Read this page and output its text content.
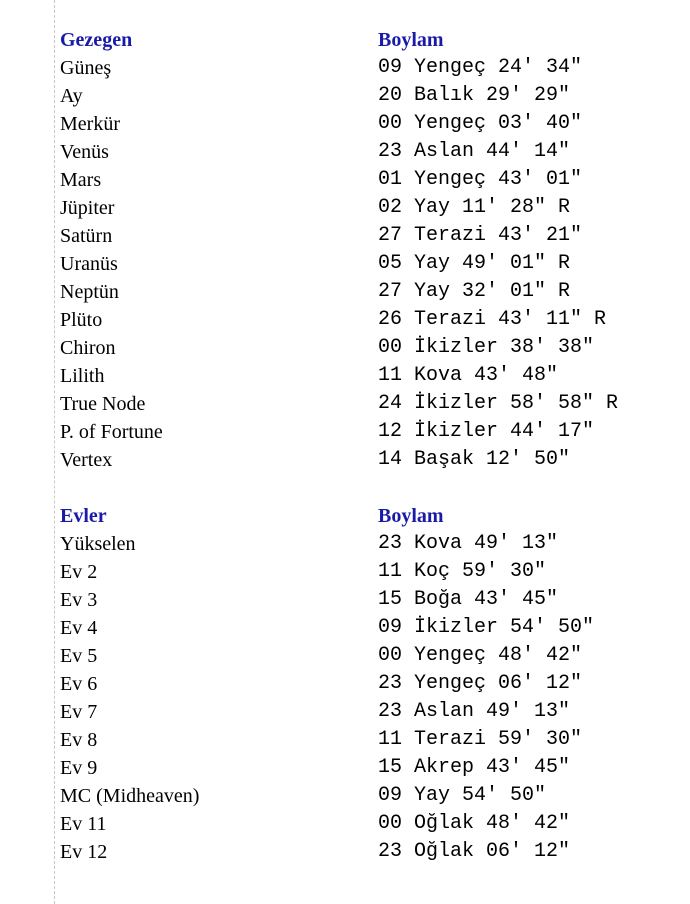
Gezegen	Boylam
Güneş	09 Yengeç 24' 34"
Ay	20 Balık 29' 29"
Merkür	00 Yengeç 03' 40"
Venüs	23 Aslan 44' 14"
Mars	01 Yengeç 43' 01"
Jüpiter	02 Yay 11' 28" R
Satürn	27 Terazi 43' 21"
Uranüs	05 Yay 49' 01" R
Neptün	27 Yay 32' 01" R
Plüto	26 Terazi 43' 11" R
Chiron	00 İkizler 38' 38"
Lilith	11 Kova 43' 48"
True Node	24 İkizler 58' 58" R
P. of Fortune	12 İkizler 44' 17"
Vertex	14 Başak 12' 50"
Evler	Boylam
Yükselen	23 Kova 49' 13"
Ev 2	11 Koç 59' 30"
Ev 3	15 Boğa 43' 45"
Ev 4	09 İkizler 54' 50"
Ev 5	00 Yengeç 48' 42"
Ev 6	23 Yengeç 06' 12"
Ev 7	23 Aslan 49' 13"
Ev 8	11 Terazi 59' 30"
Ev 9	15 Akrep 43' 45"
MC (Midheaven)	09 Yay 54' 50"
Ev 11	00 Oğlak 48' 42"
Ev 12	23 Oğlak 06' 12"
